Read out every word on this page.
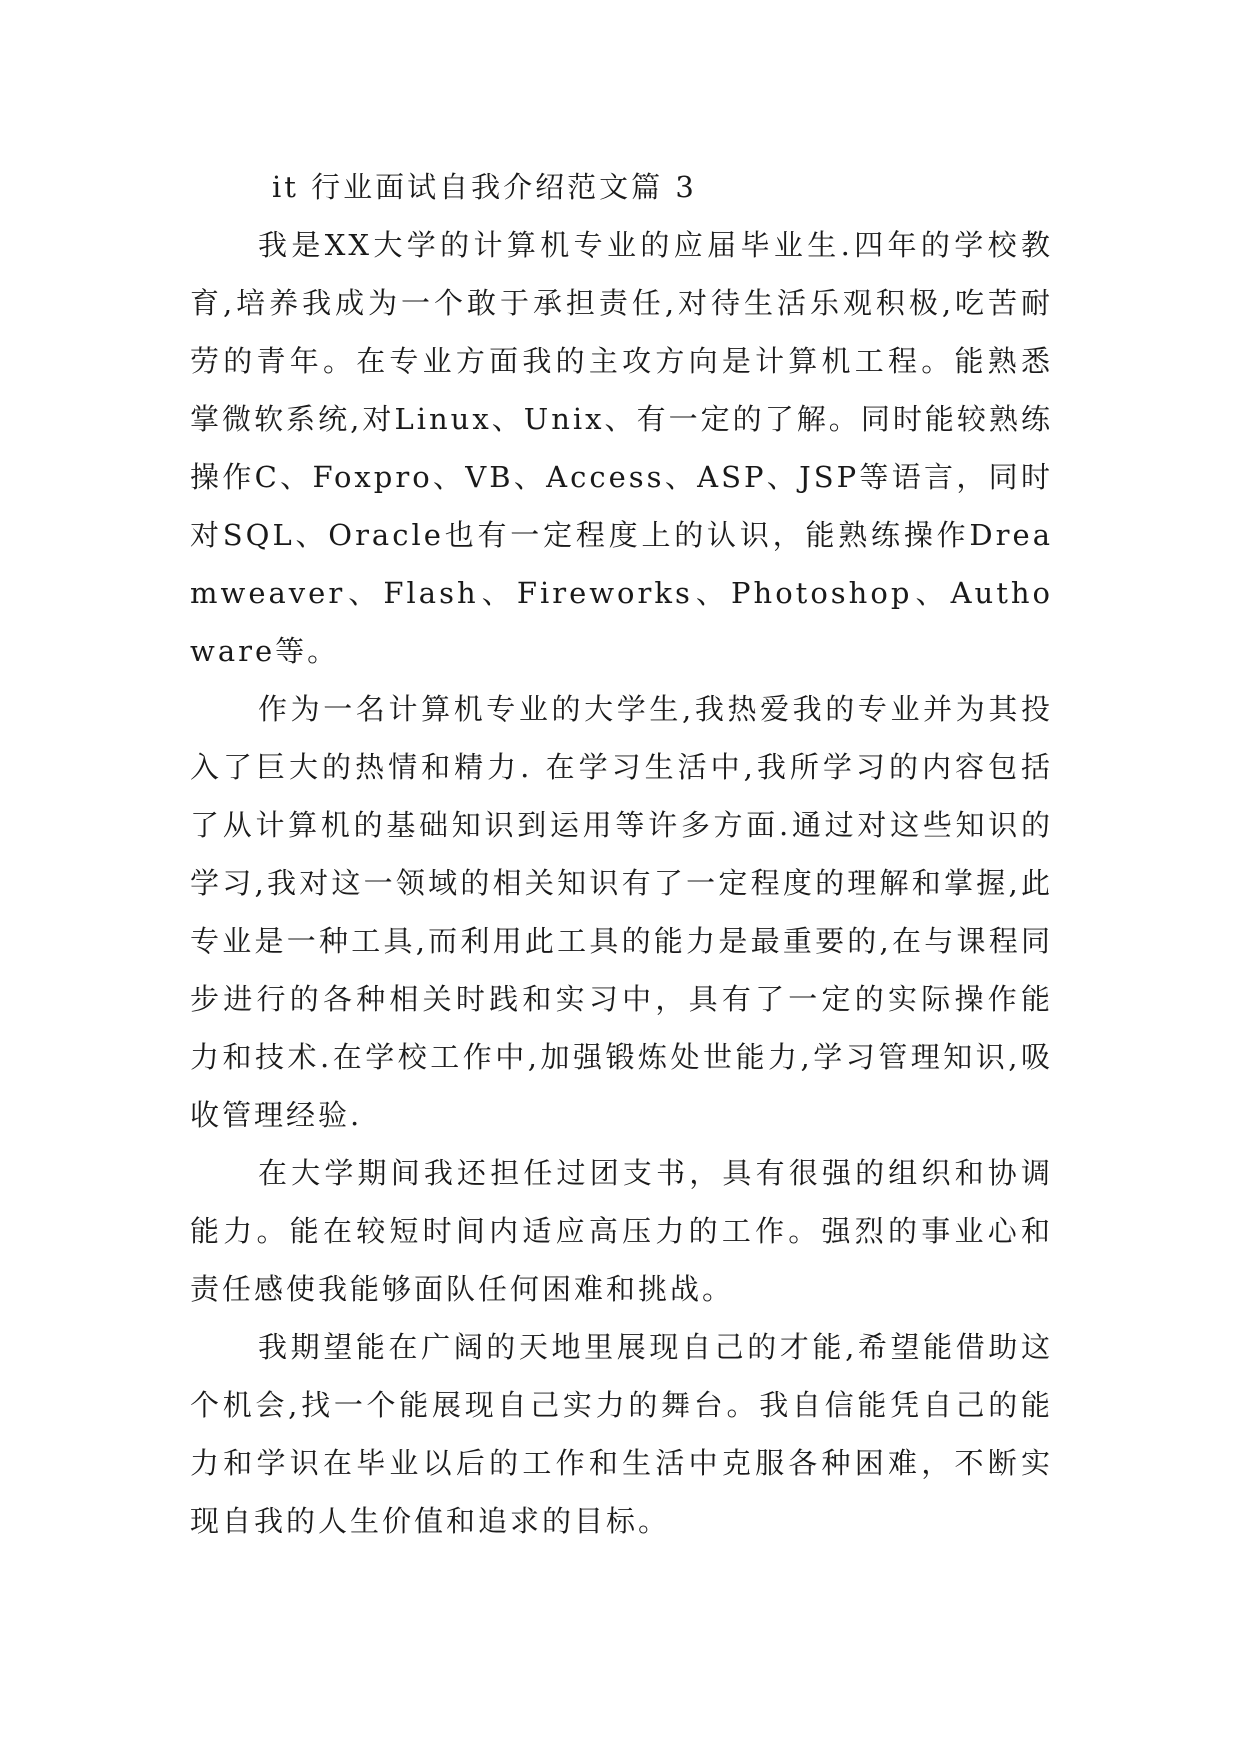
it 行业面试自我介绍范文篇 3

我是XX大学的计算机专业的应届毕业生.四年的学校教育,培养我成为一个敢于承担责任,对待生活乐观积极,吃苦耐劳的青年。在专业方面我的主攻方向是计算机工程。能熟悉掌微软系统,对Linux、Unix、有一定的了解。同时能较熟练操作C、Foxpro、VB、Access、ASP、JSP等语言，同时对SQL、Oracle也有一定程度上的认识，能熟练操作Dreamweaver、Flash、Fireworks、Photoshop、Authoware等。

作为一名计算机专业的大学生,我热爱我的专业并为其投入了巨大的热情和精力. 在学习生活中,我所学习的内容包括了从计算机的基础知识到运用等许多方面.通过对这些知识的学习,我对这一领域的相关知识有了一定程度的理解和掌握,此专业是一种工具,而利用此工具的能力是最重要的,在与课程同步进行的各种相关时践和实习中，具有了一定的实际操作能力和技术.在学校工作中,加强锻炼处世能力,学习管理知识,吸收管理经验.

在大学期间我还担任过团支书，具有很强的组织和协调能力。能在较短时间内适应高压力的工作。强烈的事业心和责任感使我能够面队任何困难和挑战。

我期望能在广阔的天地里展现自己的才能,希望能借助这个机会,找一个能展现自己实力的舞台。我自信能凭自己的能力和学识在毕业以后的工作和生活中克服各种困难，不断实现自我的人生价值和追求的目标。
